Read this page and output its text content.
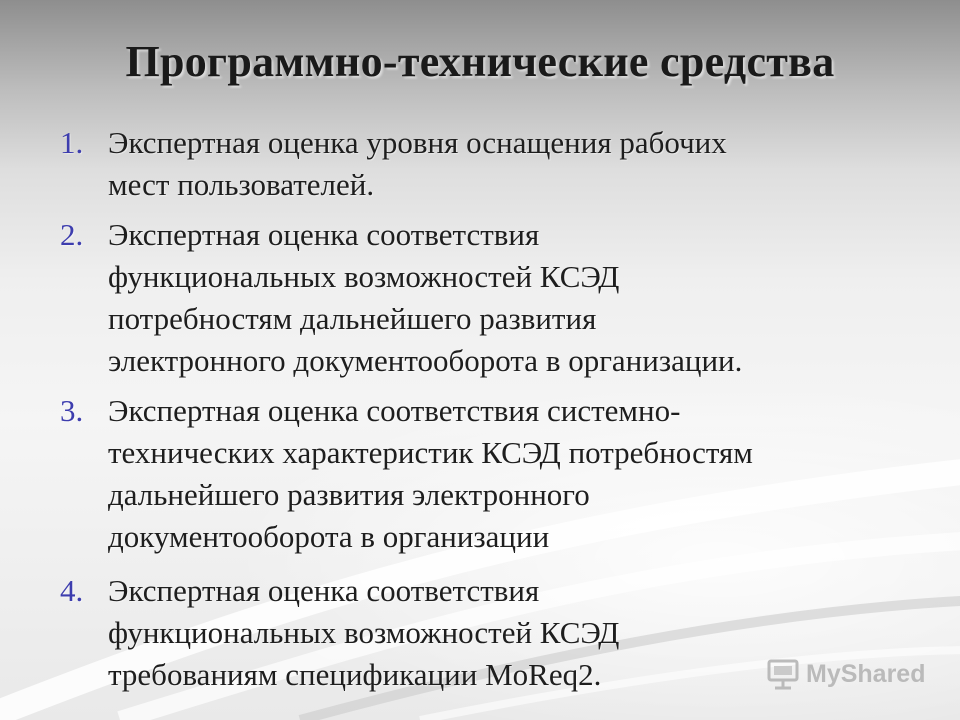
Программно-технические средства
1. Экспертная оценка уровня оснащения рабочих
мест пользователей.
2. Экспертная оценка соответствия
функциональных возможностей КСЭД
потребностям дальнейшего развития
электронного документооборота в организации.
3. Экспертная оценка соответствия системно-
технических характеристик КСЭД потребностям
дальнейшего развития электронного
документооборота в организации
4. Экспертная оценка соответствия
функциональных возможностей КСЭД
требованиям спецификации MoReq2.	MyShared
